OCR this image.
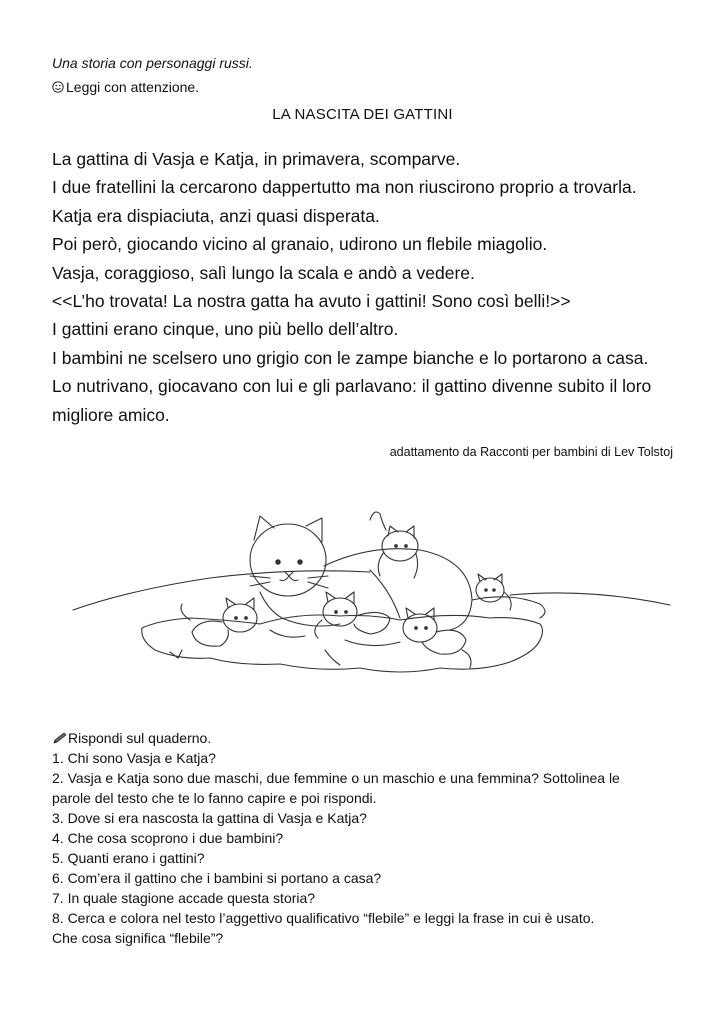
Una storia con personaggi russi.
Leggi con attenzione.
LA NASCITA DEI GATTINI

La gattina di Vasja e Katja, in primavera, scomparve.

I due fratellini la cercarono dappertutto ma non riuscirono proprio a trovarla.

Katja era dispiaciuta, anzi quasi disperata.

Poi però, giocando vicino al granaio, udirono un flebile miagolio.

Vasja, coraggioso, salì lungo la scala e andò a vedere.

<<L’ho trovata! La nostra gatta ha avuto i gattini! Sono così belli!>>

I gattini erano cinque, uno più bello dell’altro.

I bambini ne scelsero uno grigio con le zampe bianche e lo portarono a casa.

Lo nutrivano, giocavano con lui e gli parlavano: il gattino divenne subito il loro

migliore amico.

adattamento da Racconti per bambini di Lev Tolstoj
Rispondi sul quaderno.

1. Chi sono Vasja e Katja?

2. Vasja e Katja sono due maschi, due femmine o un maschio e una femmina? Sottolinea le

parole del testo che te lo fanno capire e poi rispondi.

3. Dove si era nascosta la gattina di Vasja e Katja?

4. Che cosa scoprono i due bambini?

5. Quanti erano i gattini?

6. Com’era il gattino che i bambini si portano a casa?

7. In quale stagione accade questa storia?

8. Cerca e colora nel testo l’aggettivo qualificativo “flebile” e leggi la frase in cui è usato.

Che cosa significa “flebile”?
